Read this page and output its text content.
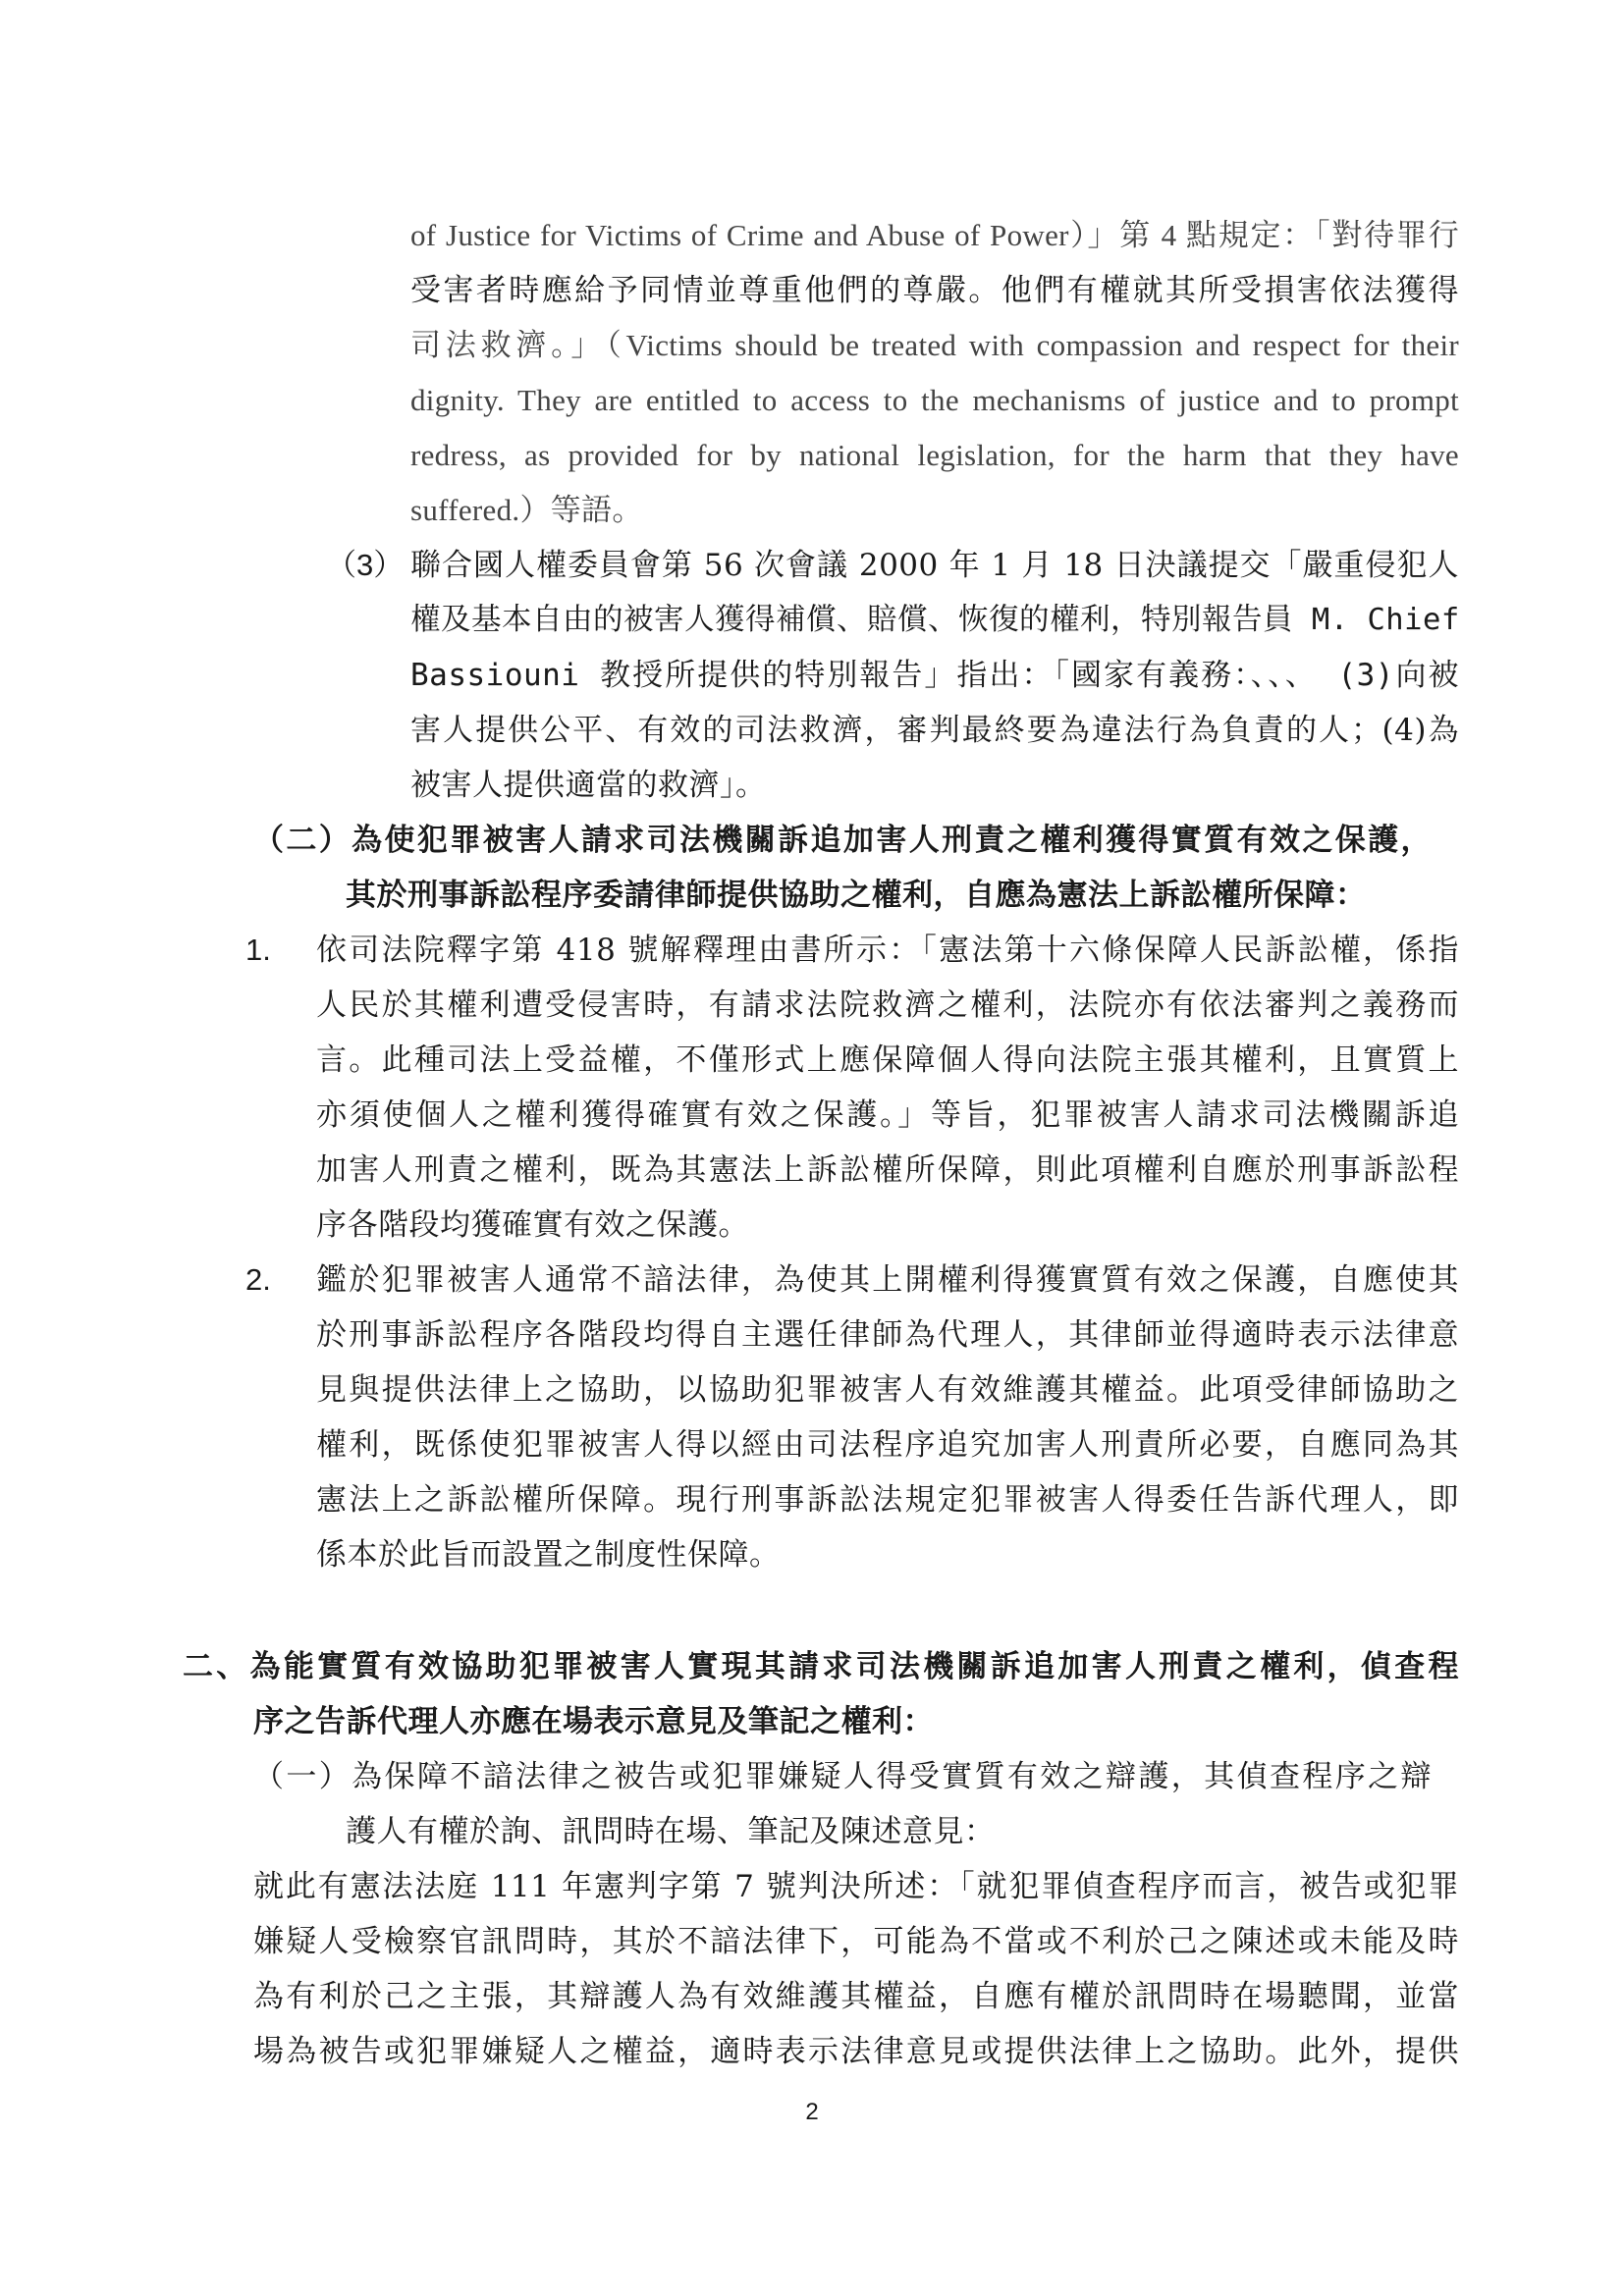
of Justice for Victims of Crime and Abuse of Power）」第 4 點規定：「對待罪行
受害者時應給予同情並尊重他們的尊嚴。他們有權就其所受損害依法獲得
司法救濟。」（Victims should be treated with compassion and respect for their
dignity. They are entitled to access to the mechanisms of justice and to prompt
redress, as provided for by national legislation, for the harm that they have
suffered.）等語。
（3） 聯合國人權委員會第 56 次會議 2000 年 1 月 18 日決議提交「嚴重侵犯人
權及基本自由的被害人獲得補償、賠償、恢復的權利，特別報告員 M. Chief
Bassiouni 教授所提供的特別報告」指出：「國家有義務：、、、 (3)向被
害人提供公平、有效的司法救濟，審判最終要為違法行為負責的人；(4)為
被害人提供適當的救濟」。
（二）為使犯罪被害人請求司法機關訴追加害人刑責之權利獲得實質有效之保護，
其於刑事訴訟程序委請律師提供協助之權利，自應為憲法上訴訟權所保障：
1. 依司法院釋字第 418 號解釋理由書所示：「憲法第十六條保障人民訴訟權，係指
人民於其權利遭受侵害時，有請求法院救濟之權利，法院亦有依法審判之義務而
言。此種司法上受益權，不僅形式上應保障個人得向法院主張其權利，且實質上
亦須使個人之權利獲得確實有效之保護。」等旨，犯罪被害人請求司法機關訴追
加害人刑責之權利，既為其憲法上訴訟權所保障，則此項權利自應於刑事訴訟程
序各階段均獲確實有效之保護。
2. 鑑於犯罪被害人通常不諳法律，為使其上開權利得獲實質有效之保護，自應使其
於刑事訴訟程序各階段均得自主選任律師為代理人，其律師並得適時表示法律意
見與提供法律上之協助，以協助犯罪被害人有效維護其權益。此項受律師協助之
權利，既係使犯罪被害人得以經由司法程序追究加害人刑責所必要，自應同為其
憲法上之訴訟權所保障。現行刑事訴訟法規定犯罪被害人得委任告訴代理人，即
係本於此旨而設置之制度性保障。
二、為能實質有效協助犯罪被害人實現其請求司法機關訴追加害人刑責之權利，偵查程
序之告訴代理人亦應在場表示意見及筆記之權利：
（一）為保障不諳法律之被告或犯罪嫌疑人得受實質有效之辯護，其偵查程序之辯
護人有權於詢、訊問時在場、筆記及陳述意見：
就此有憲法法庭 111 年憲判字第 7 號判決所述：「就犯罪偵查程序而言，被告或犯罪
嫌疑人受檢察官訊問時，其於不諳法律下，可能為不當或不利於己之陳述或未能及時
為有利於己之主張，其辯護人為有效維護其權益，自應有權於訊問時在場聽聞，並當
場為被告或犯罪嫌疑人之權益，適時表示法律意見或提供法律上之協助。此外，提供
2
